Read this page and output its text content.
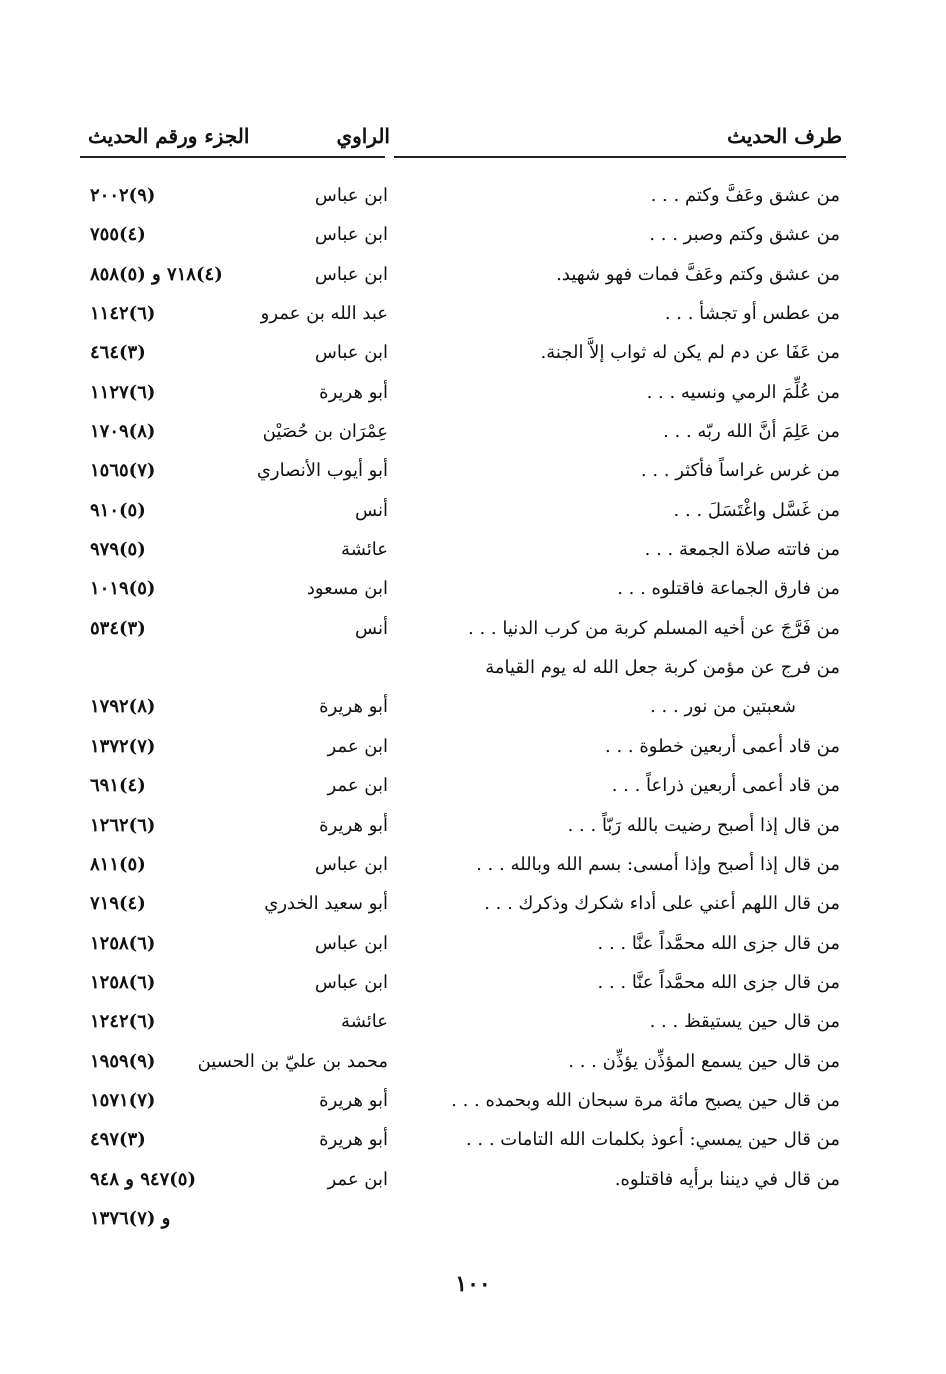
طرف الحديث
الراوي
الجزء ورقم الحديث
من عشق وعَفَّ وكتم . . .
ابن عباس
(٩)٢٠٠٢
من عشق وكتم وصبر . . .
ابن عباس
(٤)٧٥٥
من عشق وكتم وعَفَّ فمات فهو شهيد.
ابن عباس
(٤)٧١٨ و (٥)٨٥٨
من عطس أو تجشأ . . .
عبد الله بن عمرو
(٦)١١٤٢
من عَفَا عن دم لم يكن له ثواب إلاَّ الجنة.
ابن عباس
(٣)٤٦٤
من عُلِّمَ الرمي ونسيه . . .
أبو هريرة
(٦)١١٢٧
من عَلِمَ أنَّ الله ربّه . . .
عِمْرَان بن حُصَيْن
(٨)١٧٠٩
من غرس غراساً فأكثر . . .
أبو أيوب الأنصاري
(٧)١٥٦٥
من غَسَّل واغْتَسَلَ . . .
أنس
(٥)٩١٠
من فاتته صلاة الجمعة . . .
عائشة
(٥)٩٧٩
من فارق الجماعة فاقتلوه . . .
ابن مسعود
(٥)١٠١٩
من فَرَّجَ عن أخيه المسلم كربة من كرب الدنيا . . .
أنس
(٣)٥٣٤
من فرج عن مؤمن كربة جعل الله له يوم القيامة
شعبتين من نور . . .
أبو هريرة
(٨)١٧٩٢
من قاد أعمى أربعين خطوة . . .
ابن عمر
(٧)١٣٧٢
من قاد أعمى أربعين ذراعاً . . .
ابن عمر
(٤)٦٩١
من قال إذا أصبح رضيت بالله رَبّاً . . .
أبو هريرة
(٦)١٢٦٢
من قال إذا أصبح وإذا أمسى: بسم الله وبالله . . .
ابن عباس
(٥)٨١١
من قال اللهم أعني على أداء شكرك وذكرك . . .
أبو سعيد الخدري
(٤)٧١٩
من قال جزى الله محمَّداً عنَّا . . .
ابن عباس
(٦)١٢٥٨
من قال جزى الله محمَّداً عنَّا . . .
ابن عباس
(٦)١٢٥٨
من قال حين يستيقظ . . .
عائشة
(٦)١٢٤٢
من قال حين يسمع المؤذِّن يؤذِّن . . .
محمد بن عليّ بن الحسين
(٩)١٩٥٩
من قال حين يصبح مائة مرة سبحان الله وبحمده . . .
أبو هريرة
(٧)١٥٧١
من قال حين يمسي: أعوذ بكلمات الله التامات . . .
أبو هريرة
(٣)٤٩٧
من قال في ديننا برأيه فاقتلوه.
ابن عمر
(٥)٩٤٧ و ٩٤٨
و (٧)١٣٧٦
١٠٠
